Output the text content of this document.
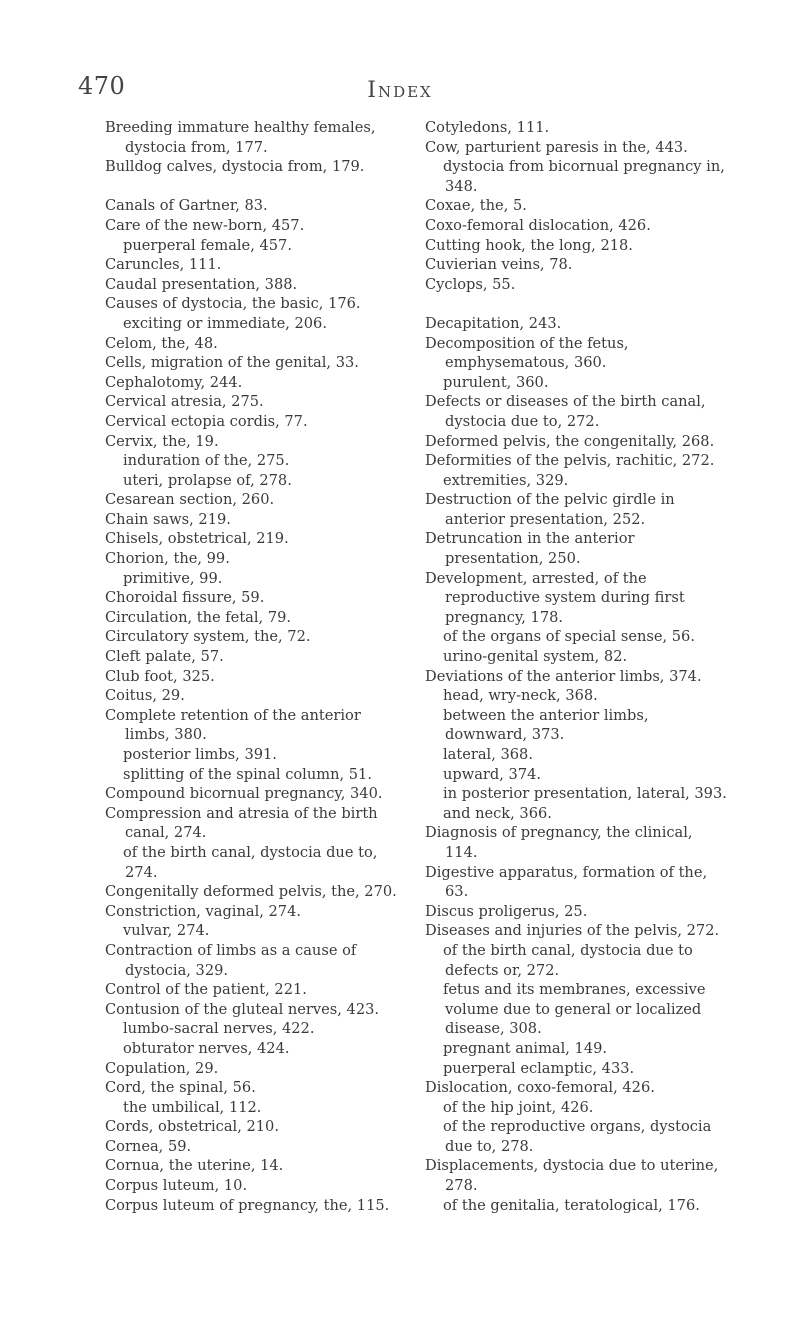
470	Index
Breeding immature healthy females, dystocia from, 177.
Bulldog calves, dystocia from, 179.
Canals of Gartner, 83.
Care of the new-born, 457.
puerperal female, 457.
Caruncles, 111.
Caudal presentation, 388.
Causes of dystocia, the basic, 176.
exciting or immediate, 206.
Celom, the, 48.
Cells, migration of the genital, 33.
Cephalotomy, 244.
Cervical atresia, 275.
Cervical ectopia cordis, 77.
Cervix, the, 19.
induration of the, 275.
uteri, prolapse of, 278.
Cesarean section, 260.
Chain saws, 219.
Chisels, obstetrical, 219.
Chorion, the, 99.
primitive, 99.
Choroidal fissure, 59.
Circulation, the fetal, 79.
Circulatory system, the, 72.
Cleft palate, 57.
Club foot, 325.
Coitus, 29.
Complete retention of the anterior limbs, 380.
posterior limbs, 391.
splitting of the spinal column, 51.
Compound bicornual pregnancy, 340.
Compression and atresia of the birth canal, 274.
of the birth canal, dystocia due to, 274.
Congenitally deformed pelvis, the, 270.
Constriction, vaginal, 274.
vulvar, 274.
Contraction of limbs as a cause of dystocia, 329.
Control of the patient, 221.
Contusion of the gluteal nerves, 423.
lumbo-sacral nerves, 422.
obturator nerves, 424.
Copulation, 29.
Cord, the spinal, 56.
the umbilical, 112.
Cords, obstetrical, 210.
Cornea, 59.
Cornua, the uterine, 14.
Corpus luteum, 10.
Corpus luteum of pregnancy, the, 115.
Cotyledons, 111.
Cow, parturient paresis in the, 443.
dystocia from bicornual pregnancy in, 348.
Coxae, the, 5.
Coxo-femoral dislocation, 426.
Cutting hook, the long, 218.
Cuvierian veins, 78.
Cyclops, 55.
Decapitation, 243.
Decomposition of the fetus, emphysematous, 360.
purulent, 360.
Defects or diseases of the birth canal, dystocia due to, 272.
Deformed pelvis, the congenitally, 268.
Deformities of the pelvis, rachitic, 272.
extremities, 329.
Destruction of the pelvic girdle in anterior presentation, 252.
Detruncation in the anterior presentation, 250.
Development, arrested, of the reproductive system during first pregnancy, 178.
of the organs of special sense, 56.
urino-genital system, 82.
Deviations of the anterior limbs, 374.
head, wry-neck, 368.
between the anterior limbs, downward, 373.
lateral, 368.
upward, 374.
in posterior presentation, lateral, 393.
and neck, 366.
Diagnosis of pregnancy, the clinical, 114.
Digestive apparatus, formation of the, 63.
Discus proligerus, 25.
Diseases and injuries of the pelvis, 272.
of the birth canal, dystocia due to defects or, 272.
fetus and its membranes, excessive volume due to general or localized disease, 308.
pregnant animal, 149.
puerperal eclamptic, 433.
Dislocation, coxo-femoral, 426.
of the hip joint, 426.
of the reproductive organs, dystocia due to, 278.
Displacements, dystocia due to uterine, 278.
of the genitalia, teratological, 176.
